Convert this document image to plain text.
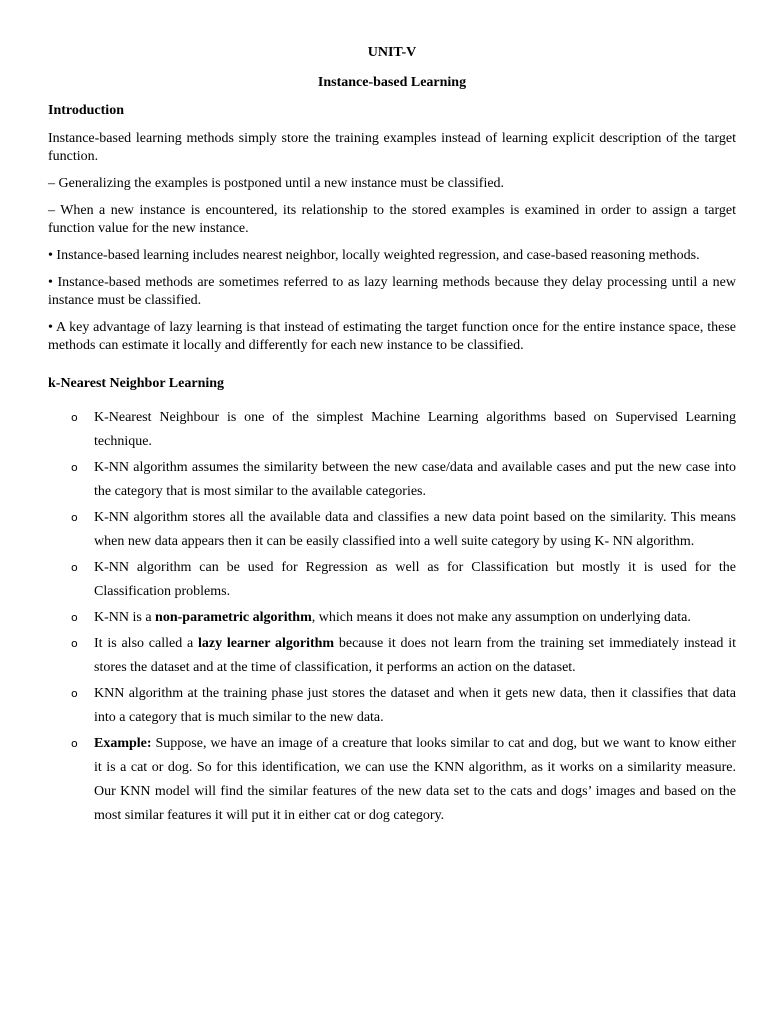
UNIT-V
Instance-based Learning
Introduction

Instance-based learning methods simply store the training examples instead of learning explicit description of the target function.

– Generalizing the examples is postponed until a new instance must be classified.

– When a new instance is encountered, its relationship to the stored examples is examined in order to assign a target function value for the new instance.

• Instance-based learning includes nearest neighbor, locally weighted regression, and case-based reasoning methods.

• Instance-based methods are sometimes referred to as lazy learning methods because they delay processing until a new instance must be classified.

• A key advantage of lazy learning is that instead of estimating the target function once for the entire instance space, these methods can estimate it locally and differently for each new instance to be classified.

k-Nearest Neighbor Learning
o K-Nearest Neighbour is one of the simplest Machine Learning algorithms based on Supervised Learning technique.
o K-NN algorithm assumes the similarity between the new case/data and available cases and put the new case into the category that is most similar to the available categories.
o K-NN algorithm stores all the available data and classifies a new data point based on the similarity. This means when new data appears then it can be easily classified into a well suite category by using K- NN algorithm.
o K-NN algorithm can be used for Regression as well as for Classification but mostly it is used for the Classification problems.
o K-NN is a non-parametric algorithm, which means it does not make any assumption on underlying data.
o It is also called a lazy learner algorithm because it does not learn from the training set immediately instead it stores the dataset and at the time of classification, it performs an action on the dataset.
o KNN algorithm at the training phase just stores the dataset and when it gets new data, then it classifies that data into a category that is much similar to the new data.
o Example: Suppose, we have an image of a creature that looks similar to cat and dog, but we want to know either it is a cat or dog. So for this identification, we can use the KNN algorithm, as it works on a similarity measure. Our KNN model will find the similar features of the new data set to the cats and dogs’ images and based on the most similar features it will put it in either cat or dog category.
